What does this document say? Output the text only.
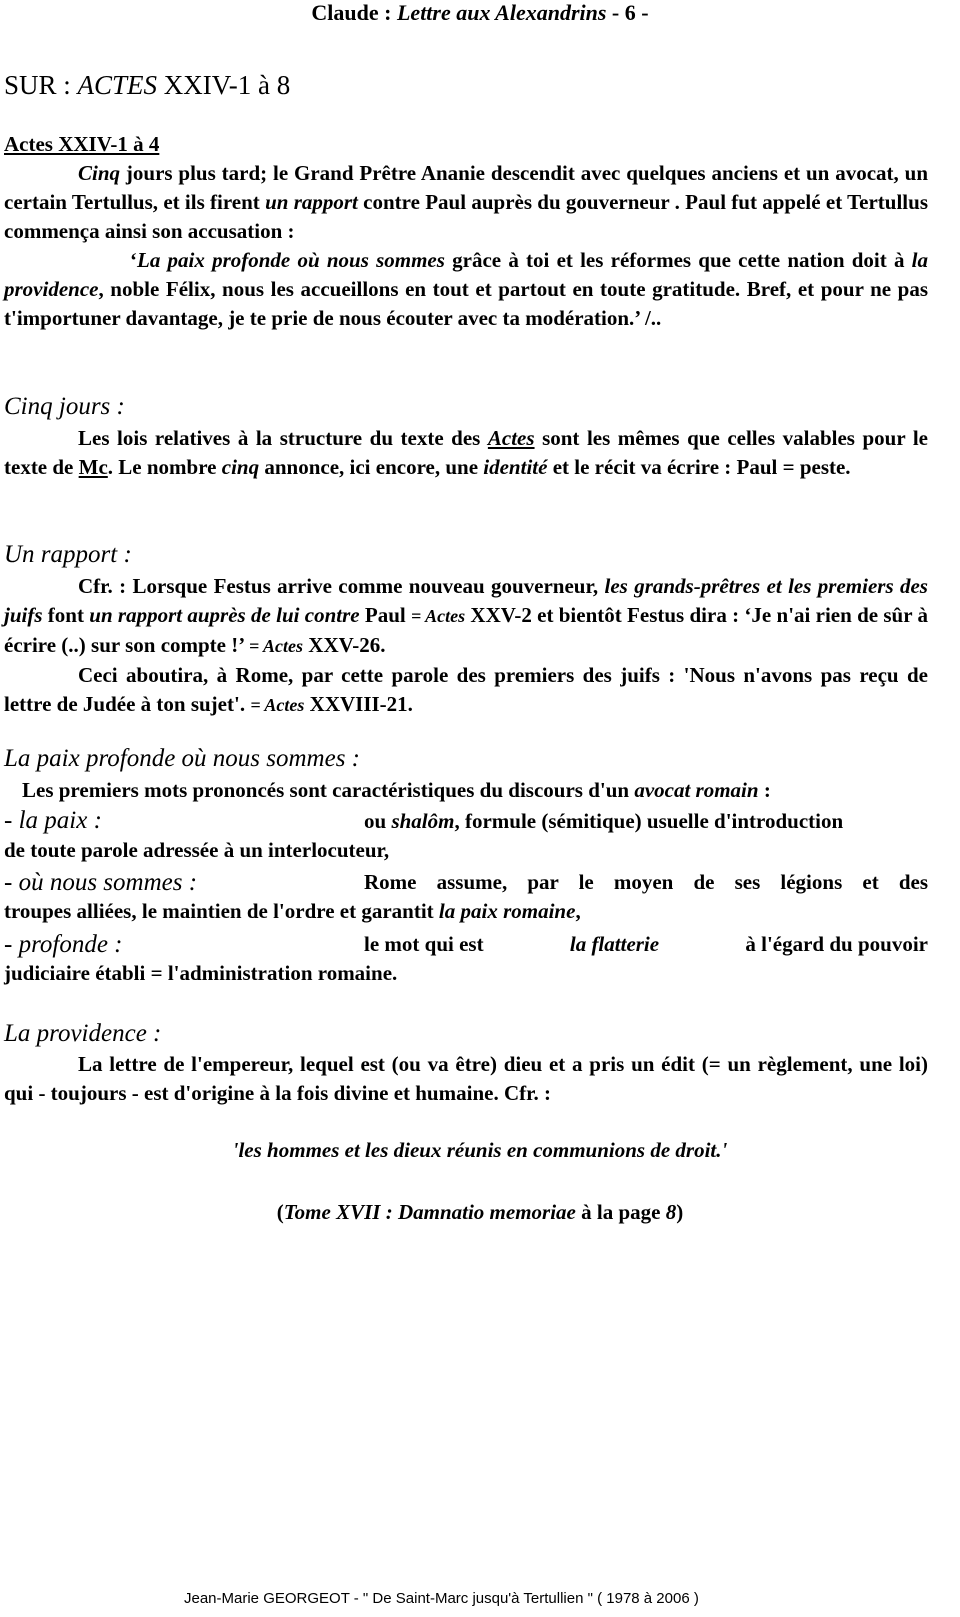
Claude : Lettre aux Alexandrins - 6 -
SUR : ACTES XXIV-1 à 8
Actes XXIV-1 à 4
Cinq jours plus tard; le Grand Prêtre Ananie descendit avec quelques anciens et un avocat, un certain Tertullus, et ils firent un rapport contre Paul auprès du gouverneur . Paul fut appelé et Tertullus commença ainsi son accusation :
‘La paix profonde où nous sommes grâce à toi et les réformes que cette nation doit à la providence, noble Félix, nous les accueillons en tout et partout en toute gratitude. Bref, et pour ne pas t'importuner davantage, je te prie de nous écouter avec ta modération.’ /..
Cinq jours :
Les lois relatives à la structure du texte des Actes sont les mêmes que celles valables pour le texte de Mc. Le nombre cinq annonce, ici encore, une identité et le récit va écrire : Paul = peste.
Un rapport :
Cfr. : Lorsque Festus arrive comme nouveau gouverneur, les grands-prêtres et les premiers des juifs font un rapport auprès de lui contre Paul = Actes XXV-2 et bientôt Festus dira : ‘Je n'ai rien de sûr à écrire (..) sur son compte !’ = Actes XXV-26.
Ceci aboutira, à Rome, par cette parole des premiers des juifs : 'Nous n'avons pas reçu de lettre de Judée à ton sujet'. = Actes XXVIII-21.
La paix profonde où nous sommes :
Les premiers mots prononcés sont caractéristiques du discours d'un avocat romain :
- la paix :	ou shalôm, formule (sémitique) usuelle d'introduction
de toute parole adressée à un interlocuteur,
- où nous sommes :	Rome assume, par le moyen de ses légions et des
troupes alliées, le maintien de l'ordre et garantit la paix romaine,
- profonde :	le mot qui est	la flatterie	à l'égard du pouvoir
judiciaire établi = l'administration romaine.
La providence :
La lettre de l'empereur, lequel est (ou va être) dieu et a pris un édit (= un règlement, une loi) qui - toujours - est d'origine à la fois divine et humaine. Cfr. :
'les hommes et les dieux réunis en communions de droit.'
(Tome XVII : Damnatio memoriae à la page 8)
Jean-Marie GEORGEOT - " De Saint-Marc jusqu'à Tertullien " ( 1978 à 2006 )
